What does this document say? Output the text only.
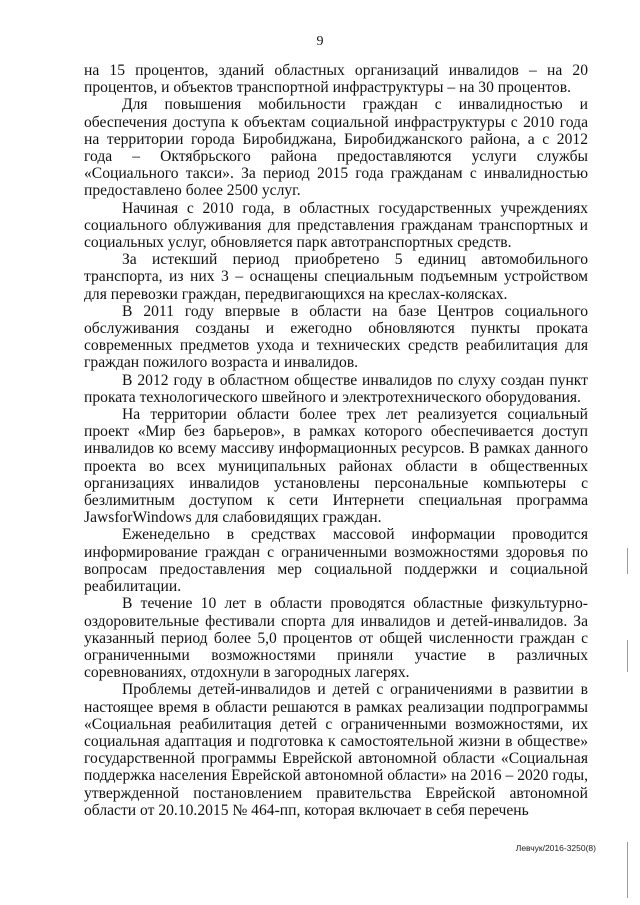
9

на 15 процентов, зданий областных организаций инвалидов – на 20 процентов, и объектов транспортной инфраструктуры – на 30 процентов.

Для повышения мобильности граждан с инвалидностью и обеспечения доступа к объектам социальной инфраструктуры с 2010 года на территории города Биробиджана, Биробиджанского района, а с 2012 года – Октябрьского района предоставляются услуги службы «Социального такси». За период 2015 года гражданам с инвалидностью предоставлено более 2500 услуг.

Начиная с 2010 года, в областных государственных учреждениях социального облуживания для представления гражданам транспортных и социальных услуг, обновляется парк автотранспортных средств.

За истекший период приобретено 5 единиц автомобильного транспорта, из них 3 – оснащены специальным подъемным устройством для перевозки граждан, передвигающихся на креслах-колясках.

В 2011 году впервые в области на базе Центров социального обслуживания созданы и ежегодно обновляются пункты проката современных предметов ухода и технических средств реабилитация для граждан пожилого возраста и инвалидов.

В 2012 году в областном обществе инвалидов по слуху создан пункт проката технологического швейного и электротехнического оборудования.

На территории области более трех лет реализуется социальный проект «Мир без барьеров», в рамках которого обеспечивается доступ инвалидов ко всему массиву информационных ресурсов. В рамках данного проекта во всех муниципальных районах области в общественных организациях инвалидов установлены персональные компьютеры с безлимитным доступом к сети Интернети специальная программа JawsforWindows для слабовидящих граждан.

Еженедельно в средствах массовой информации проводится информирование граждан с ограниченными возможностями здоровья по вопросам предоставления мер социальной поддержки и социальной реабилитации.

В течение 10 лет в области проводятся областные физкультурно-оздоровительные фестивали спорта для инвалидов и детей-инвалидов. За указанный период более 5,0 процентов от общей численности граждан с ограниченными возможностями приняли участие в различных соревнованиях, отдохнули в загородных лагерях.

Проблемы детей-инвалидов и детей с ограничениями в развитии в настоящее время в области решаются в рамках реализации подпрограммы «Социальная реабилитация детей с ограниченными возможностями, их социальная адаптация и подготовка к самостоятельной жизни в обществе» государственной программы Еврейской автономной области «Социальная поддержка населения Еврейской автономной области» на 2016 – 2020 годы, утвержденной постановлением правительства Еврейской автономной области от 20.10.2015 № 464-пп, которая включает в себя перечень

Левчук/2016-3250(8)
